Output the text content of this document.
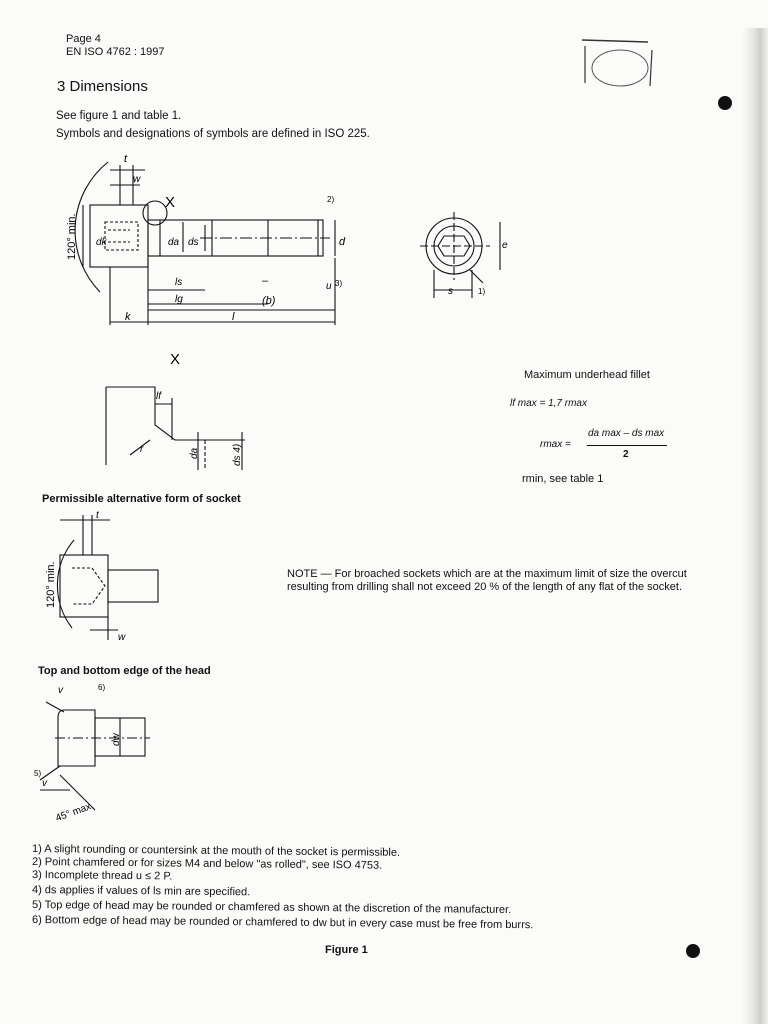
Page 4
EN ISO 4762 : 1997
3 Dimensions
See figure 1 and table 1.
Symbols and designations of symbols are defined in ISO 225.
120° min.
t
w
X
dk	da ds	d
ls
lg	(b)
–
l
k
u 3)
2)
s
e
1)
X
lf
r	da	ds 4)
Maximum underhead fillet
lf max = 1,7 rmax
rmax =
da max – ds max
2
rmin, see table 1
Permissible alternative form of socket
120° min.
t
w
NOTE — For broached sockets which are at the maximum limit of size the overcut resulting from drilling shall not exceed 20 % of the length of any flat of the socket.
Top and bottom edge of the head
6)
5)
v
v
dw
45° max.
1) A slight rounding or countersink at the mouth of the socket is permissible.
2) Point chamfered or for sizes M4 and below "as rolled", see ISO 4753.
3) Incomplete thread u ≤ 2 P.
4) ds applies if values of ls min are specified.
5) Top edge of head may be rounded or chamfered as shown at the discretion of the manufacturer.
6) Bottom edge of head may be rounded or chamfered to dw but in every case must be free from burrs.
Figure 1
